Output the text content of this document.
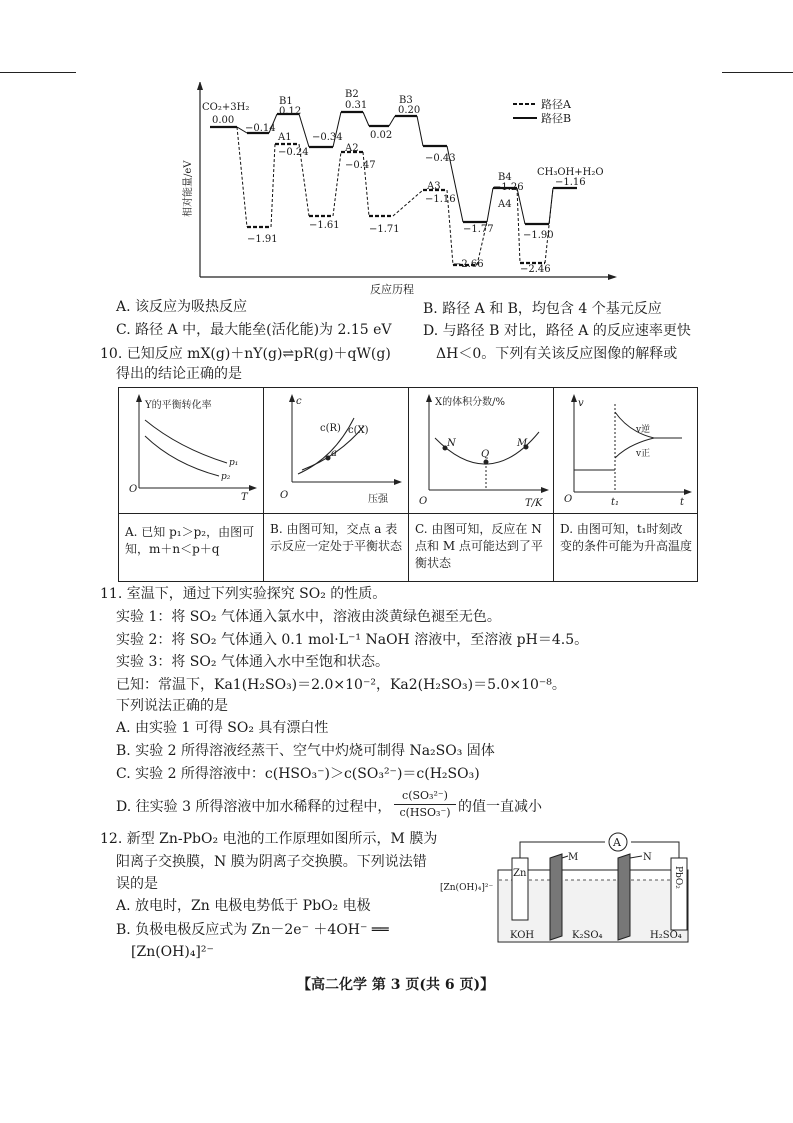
相对能量/eV
路径A
路径B
CO₂+3H₂
CH₃OH+H₂O
B1
A1
B2
A2
B3
A3
B4
A4
0.00
−0.14
0.12
−0.24
−0.34
0.31
−0.47
0.02
0.20
−0.43
−1.16
−1.26	−1.16
−1.91
−1.61	−1.71
−2.66
−1.77
−1.90
−2.46
反应历程
A. 该反应为吸热反应	B. 路径 A 和 B，均包含 4 个基元反应
C. 路径 A 中，最大能垒(活化能)为 2.15 eV D. 与路径 B 对比，路径 A 的反应速率更快
10. 已知反应 mX(g)＋nY(g)⇌pR(g)＋qW(g)	ΔH＜0。下列有关该反应图像的解释或
得出的结论正确的是
Y的平衡转化率
p₁
p₂
O
T
c
c(R) c(X)
a
O	压强
X的体积分数/%
N
Q
M
O	T/K
v
v逆
v正
O	t₁	t
A. 已知 p₁＞p₂，由图可知，m＋n＜p＋q
B. 由图可知，交点 a 表示反应一定处于平衡状态
C. 由图可知，反应在 N 点和 M 点可能达到了平衡状态
D. 由图可知，t₁时刻改变的条件可能为升高温度
11. 室温下，通过下列实验探究 SO₂ 的性质。
实验 1：将 SO₂ 气体通入氯水中，溶液由淡黄绿色褪至无色。
实验 2：将 SO₂ 气体通入 0.1 mol·L⁻¹ NaOH 溶液中，至溶液 pH＝4.5。
实验 3：将 SO₂ 气体通入水中至饱和状态。
已知：常温下，Ka1(H₂SO₃)＝2.0×10⁻²，Ka2(H₂SO₃)＝5.0×10⁻⁸。
下列说法正确的是
A. 由实验 1 可得 SO₂ 具有漂白性
B. 实验 2 所得溶液经蒸干、空气中灼烧可制得 Na₂SO₃ 固体
C. 实验 2 所得溶液中：c(HSO₃⁻)＞c(SO₃²⁻)＝c(H₂SO₃)
D. 往实验 3 所得溶液中加水稀释的过程中，
c(SO₃²⁻)
c(HSO₃⁻) 的值一直减小
12. 新型 Zn-PbO₂ 电池的工作原理如图所示，M 膜为
阳离子交换膜，N 膜为阴离子交换膜。下列说法错
误的是
A. 放电时，Zn 电极电势低于 PbO₂ 电极
B. 负极电极反应式为 Zn－2e⁻ ＋4OH⁻ ══
[Zn(OH)₄]²⁻
A
Zn	PbO₂
M	N
[Zn(OH)₄]²⁻
KOH	K₂SO₄	H₂SO₄
【高二化学 第 3 页(共 6 页)】
